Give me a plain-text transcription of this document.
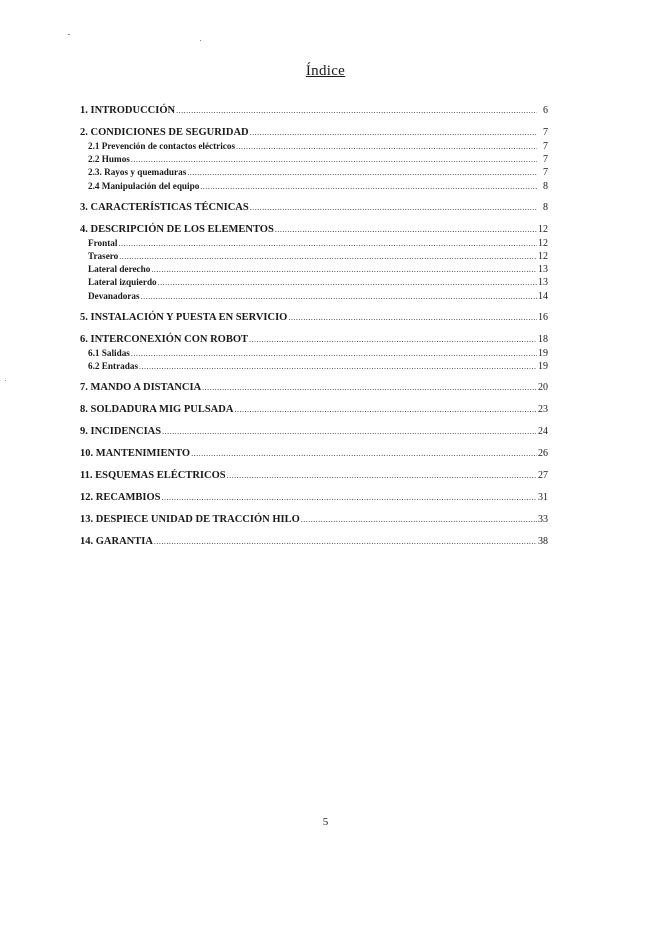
Índice
1. INTRODUCCIÓN .....	6
2. CONDICIONES DE SEGURIDAD .....	7
2.1 Prevención de contactos eléctricos .....	7
2.2 Humos .....	7
2.3. Rayos y quemaduras .....	7
2.4 Manipulación del equipo .....	8
3. CARACTERÍSTICAS TÉCNICAS .....	8
4. DESCRIPCIÓN DE LOS ELEMENTOS .....	12
Frontal .....	12
Trasero .....	12
Lateral derecho .....	13
Lateral izquierdo .....	13
Devanadoras .....	14
5. INSTALACIÓN Y PUESTA EN SERVICIO .....	16
6. INTERCONEXIÓN CON ROBOT .....	18
6.1 Salidas .....	19
6.2 Entradas .....	19
7. MANDO A DISTANCIA .....	20
8. SOLDADURA MIG PULSADA .....	23
9. INCIDENCIAS .....	24
10. MANTENIMIENTO .....	26
11. ESQUEMAS ELÉCTRICOS .....	27
12. RECAMBIOS .....	31
13. DESPIECE UNIDAD DE TRACCIÓN HILO .....	33
14. GARANTIA .....	38
5
